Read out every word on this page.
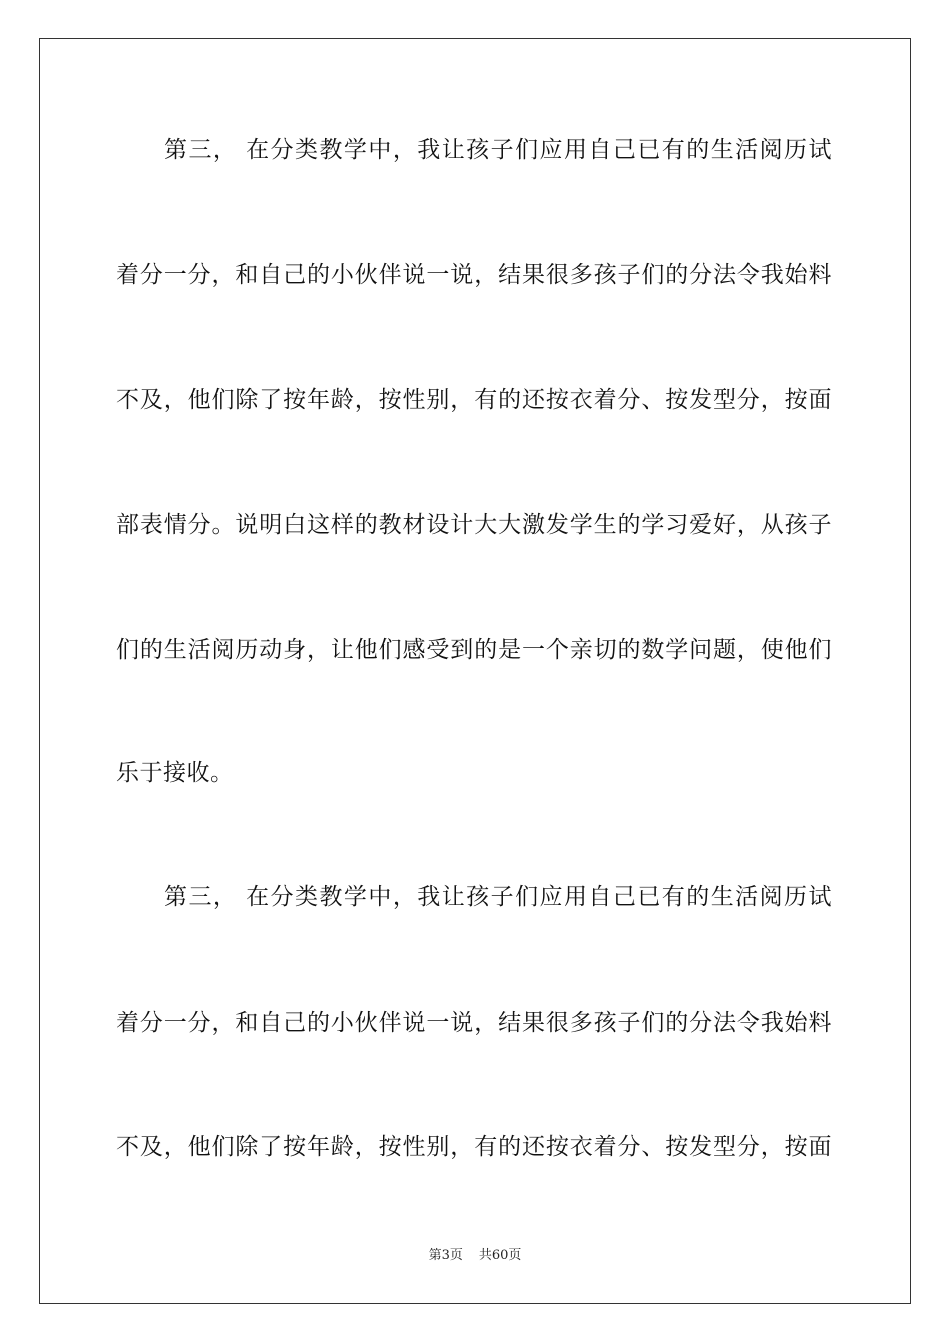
第三， 在分类教学中，我让孩子们应用自己已有的生活阅历试
着分一分，和自己的小伙伴说一说，结果很多孩子们的分法令我始料
不及，他们除了按年龄，按性别，有的还按衣着分、按发型分，按面
部表情分。说明白这样的教材设计大大激发学生的学习爱好，从孩子
们的生活阅历动身，让他们感受到的是一个亲切的数学问题，使他们
乐于接收。
第三， 在分类教学中，我让孩子们应用自己已有的生活阅历试
着分一分，和自己的小伙伴说一说，结果很多孩子们的分法令我始料
不及，他们除了按年龄，按性别，有的还按衣着分、按发型分，按面
第3页 共60页
